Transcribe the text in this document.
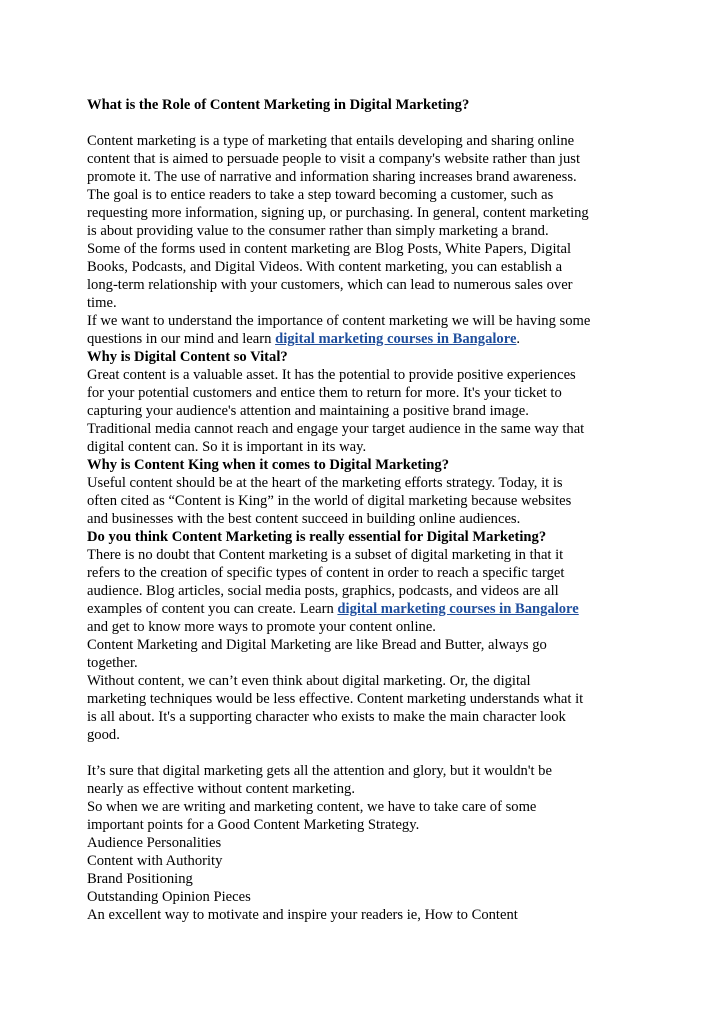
What is the Role of Content Marketing in Digital Marketing?
Content marketing is a type of marketing that entails developing and sharing online
content that is aimed to persuade people to visit a company's website rather than just
promote it. The use of narrative and information sharing increases brand awareness.
The goal is to entice readers to take a step toward becoming a customer, such as
requesting more information, signing up, or purchasing. In general, content marketing
is about providing value to the consumer rather than simply marketing a brand.
Some of the forms used in content marketing are Blog Posts, White Papers, Digital
Books, Podcasts, and Digital Videos. With content marketing, you can establish a
long-term relationship with your customers, which can lead to numerous sales over
time.
If we want to understand the importance of content marketing we will be having some
questions in our mind and learn digital marketing courses in Bangalore.
Why is Digital Content so Vital?
Great content is a valuable asset. It has the potential to provide positive experiences
for your potential customers and entice them to return for more. It's your ticket to
capturing your audience's attention and maintaining a positive brand image.
Traditional media cannot reach and engage your target audience in the same way that
digital content can. So it is important in its way.
Why is Content King when it comes to Digital Marketing?
Useful content should be at the heart of the marketing efforts strategy. Today, it is
often cited as “Content is King” in the world of digital marketing because websites
and businesses with the best content succeed in building online audiences.
Do you think Content Marketing is really essential for Digital Marketing?
There is no doubt that Content marketing is a subset of digital marketing in that it
refers to the creation of specific types of content in order to reach a specific target
audience. Blog articles, social media posts, graphics, podcasts, and videos are all
examples of content you can create. Learn digital marketing courses in Bangalore
and get to know more ways to promote your content online.
Content Marketing and Digital Marketing are like Bread and Butter, always go
together.
Without content, we can’t even think about digital marketing. Or, the digital
marketing techniques would be less effective. Content marketing understands what it
is all about. It's a supporting character who exists to make the main character look
good.
It’s sure that digital marketing gets all the attention and glory, but it wouldn't be
nearly as effective without content marketing.
So when we are writing and marketing content, we have to take care of some
important points for a Good Content Marketing Strategy.
Audience Personalities
Content with Authority
Brand Positioning
Outstanding Opinion Pieces
An excellent way to motivate and inspire your readers ie, How to Content
